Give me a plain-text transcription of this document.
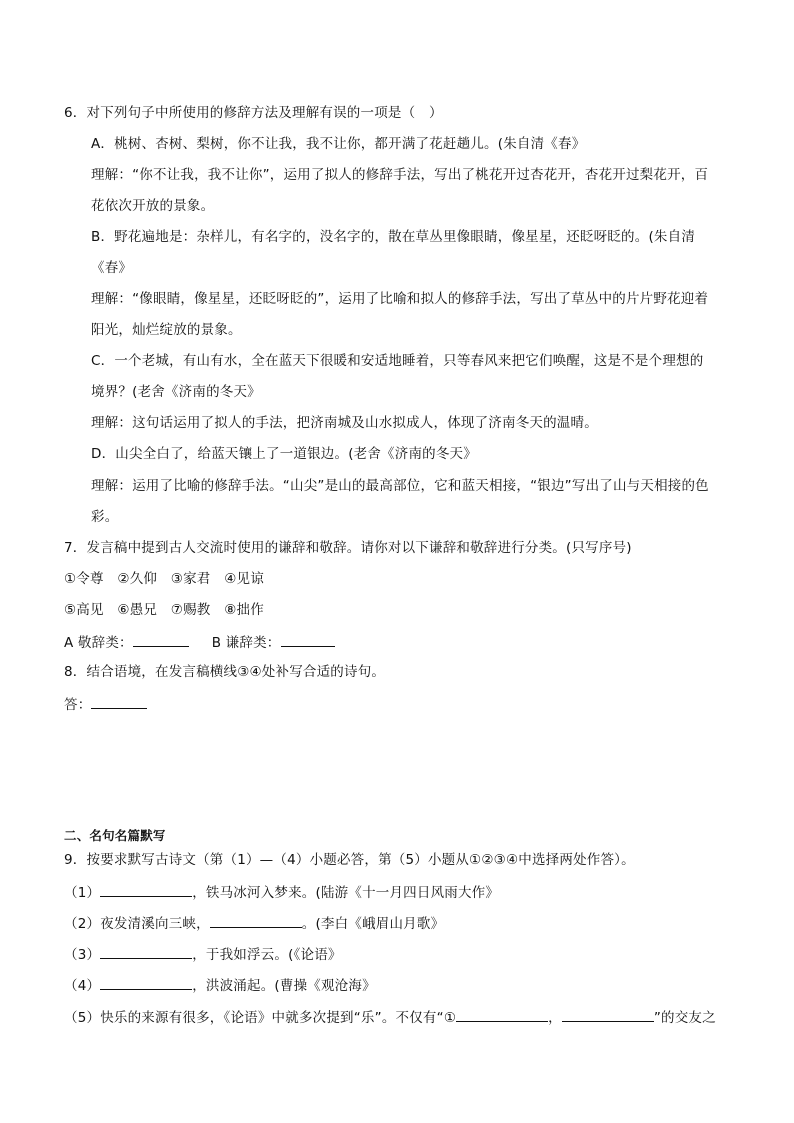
6．对下列句子中所使用的修辞方法及理解有误的一项是（　）
A．桃树、杏树、梨树，你不让我，我不让你，都开满了花赶趟儿。(朱自清《春》
理解：“你不让我，我不让你”，运用了拟人的修辞手法，写出了桃花开过杏花开，杏花开过梨花开，百
花依次开放的景象。
B．野花遍地是：杂样儿，有名字的，没名字的，散在草丛里像眼睛，像星星，还眨呀眨的。(朱自清
《春》
理解：“像眼睛，像星星，还眨呀眨的”，运用了比喻和拟人的修辞手法，写出了草丛中的片片野花迎着
阳光，灿烂绽放的景象。
C．一个老城，有山有水，全在蓝天下很暖和安适地睡着，只等春风来把它们唤醒，这是不是个理想的
境界？(老舍《济南的冬天》
理解：这句话运用了拟人的手法，把济南城及山水拟成人，体现了济南冬天的温晴。
D．山尖全白了，给蓝天镶上了一道银边。(老舍《济南的冬天》
理解：运用了比喻的修辞手法。“山尖”是山的最高部位，它和蓝天相接，“银边”写出了山与天相接的色
彩。
7．发言稿中提到古人交流时使用的谦辞和敬辞。请你对以下谦辞和敬辞进行分类。(只写序号)
①令尊　②久仰　③家君　④见谅
⑤高见　⑥愚兄　⑦赐教　⑧拙作
A 敬辞类：	B 谦辞类：
8．结合语境，在发言稿横线③④处补写合适的诗句。
答：
二、名句名篇默写
9．按要求默写古诗文（第（1）—（4）小题必答，第（5）小题从①②③④中选择两处作答）。
（1）	，铁马冰河入梦来。(陆游《十一月四日风雨大作》
（2）夜发清溪向三峡，	。(李白《峨眉山月歌》
（3）	，于我如浮云。(《论语》
（4）	，洪波涌起。(曹操《观沧海》
（5）快乐的来源有很多，《论语》中就多次提到“乐”。不仅有“①	，	”的交友之
